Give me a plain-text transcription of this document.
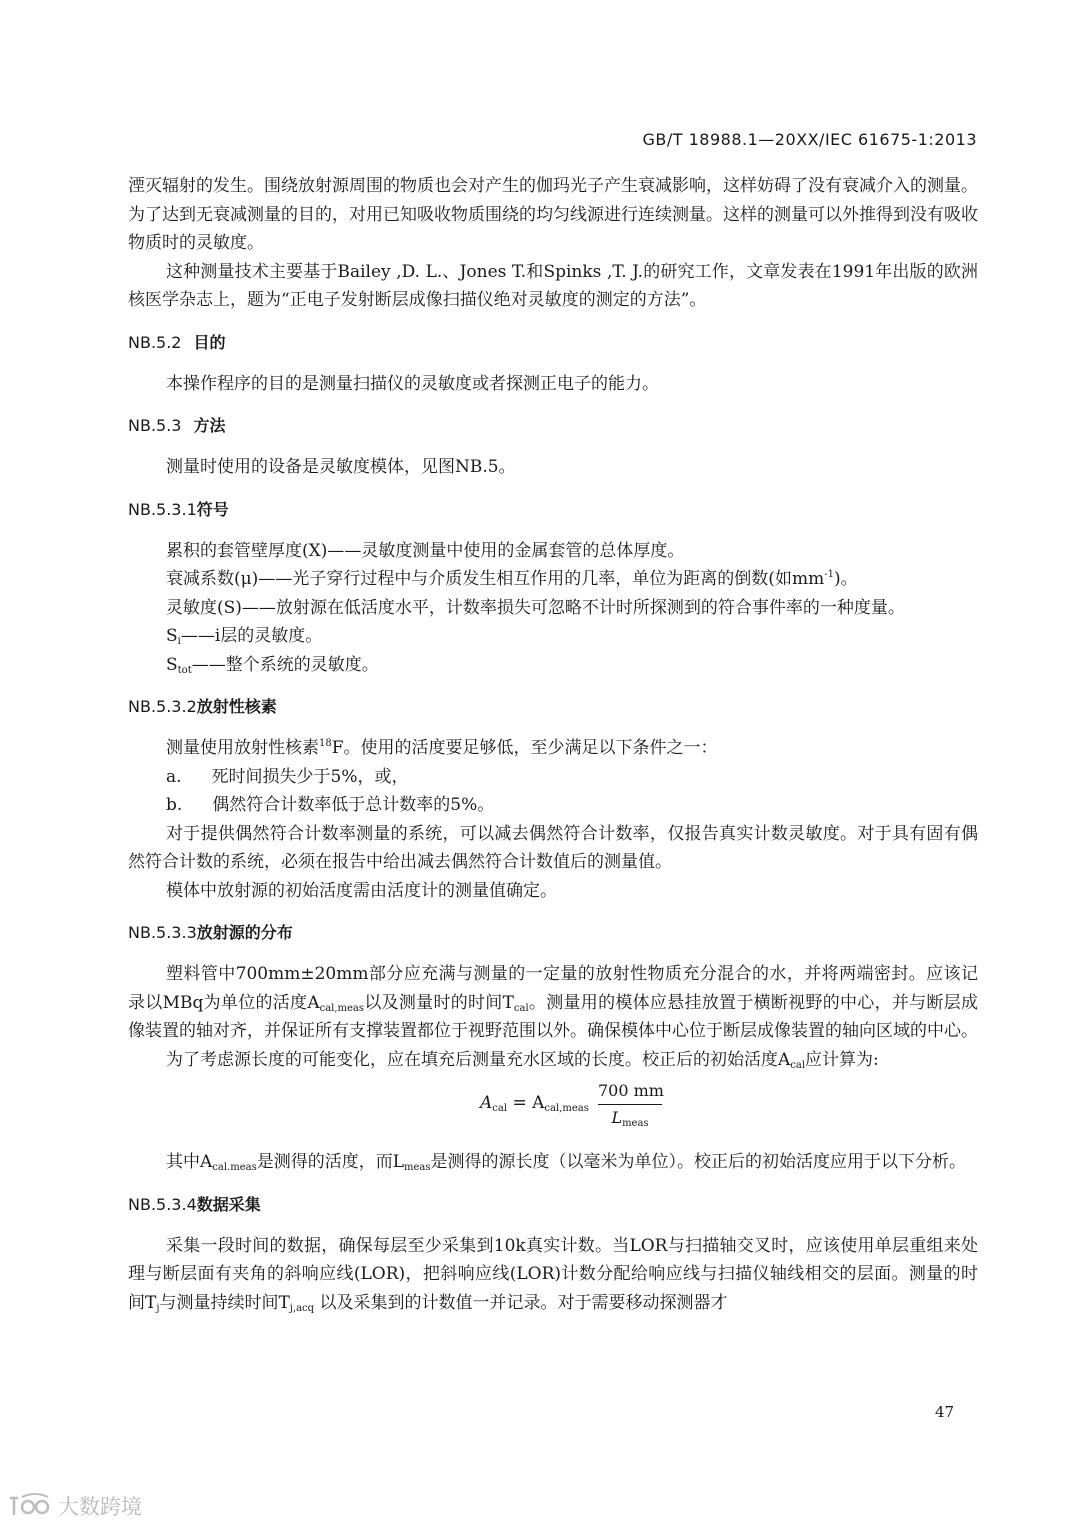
GB/T 18988.1—20XX/IEC 61675-1:2013

湮灭辐射的发生。围绕放射源周围的物质也会对产生的伽玛光子产生衰减影响，这样妨碍了没有衰减介入的测量。为了达到无衰减测量的目的，对用已知吸收物质围绕的均匀线源进行连续测量。这样的测量可以外推得到没有吸收物质时的灵敏度。

这种测量技术主要基于Bailey ,D. L.、Jones T.和Spinks ,T. J.的研究工作，文章发表在1991年出版的欧洲核医学杂志上，题为“正电子发射断层成像扫描仪绝对灵敏度的测定的方法”。

NB.5.2 目的

本操作程序的目的是测量扫描仪的灵敏度或者探测正电子的能力。

NB.5.3 方法

测量时使用的设备是灵敏度模体，见图NB.5。

NB.5.3.1符号

累积的套管壁厚度(X)——灵敏度测量中使用的金属套管的总体厚度。

衰减系数(μ)——光子穿行过程中与介质发生相互作用的几率，单位为距离的倒数(如$mm^{-1}$)。

灵敏度(S)——放射源在低活度水平，计数率损失可忽略不计时所探测到的符合事件率的一种度量。

$S_i——i$层的灵敏度。

$S_{tot}——$整个系统的灵敏度。

NB.5.3.2放射性核素

测量使用放射性核素$^{18}$F。使用的活度要足够低，至少满足以下条件之一：

a. 死时间损失少于5%，或，

b. 偶然符合计数率低于总计数率的5%。

对于提供偶然符合计数率测量的系统，可以减去偶然符合计数率，仅报告真实计数灵敏度。对于具有固有偶然符合计数的系统，必须在报告中给出减去偶然符合计数值后的测量值。

模体中放射源的初始活度需由活度计的测量值确定。

NB.5.3.3放射源的分布

塑料管中700mm±20mm部分应充满与测量的一定量的放射性物质充分混合的水，并将两端密封。应该记录以MBq为单位的活度$A_{cal,meas}$以及测量时的时间$T_{cal}$。测量用的模体应悬挂放置于横断视野的中心，并与断层成像装置的轴对齐，并保证所有支撑装置都位于视野范围以外。确保模体中心位于断层成像装置的轴向区域的中心。

为了考虑源长度的可能变化，应在填充后测量充水区域的长度。校正后的初始活度$A_{cal}$应计算为:

$A_{cal} = A_{cal,meas}$
700 mm
$L_{meas}$

其中$A_{cal.meas}$是测得的活度，而$L_{meas}$是测得的源长度（以毫米为单位）。校正后的初始活度应用于以下分析。

NB.5.3.4数据采集

采集一段时间的数据，确保每层至少采集到10k真实计数。当LOR与扫描轴交叉时，应该使用单层重组来处理与断层面有夹角的斜响应线(LOR)，把斜响应线(LOR)计数分配给响应线与扫描仪轴线相交的层面。测量的时间$T_j$与测量持续时间$T_{j,acq}$ 以及采集到的计数值一并记录。对于需要移动探测器才

47
大数跨境
